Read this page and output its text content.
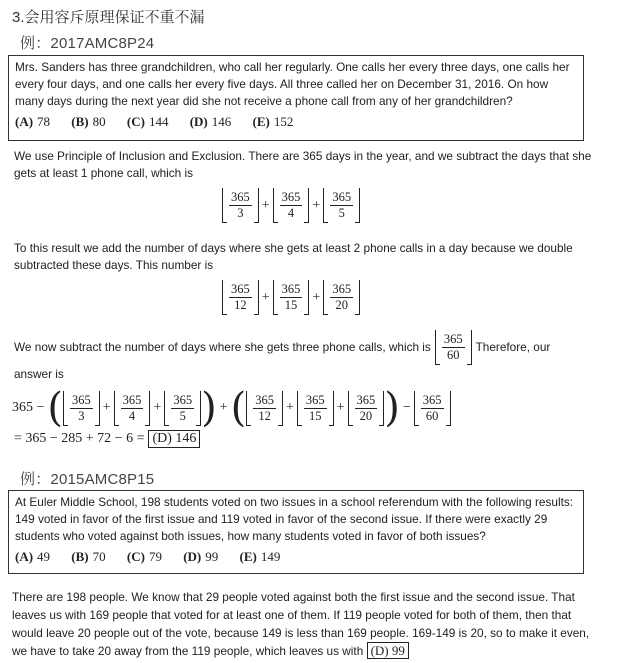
3.会用容斥原理保证不重不漏
例：2017AMC8P24
Mrs. Sanders has three grandchildren, who call her regularly. One calls her every three days, one calls her every four days, and one calls her every five days. All three called her on December 31, 2016. On how many days during the next year did she not receive a phone call from any of her grandchildren?
(A) 78 (B) 80 (C) 144 (D) 146 (E) 152
We use Principle of Inclusion and Exclusion. There are 365 days in the year, and we subtract the days that she gets at least 1 phone call, which is
$\frac{365}{3} + \frac{365}{4} + \frac{365}{5}$
To this result we add the number of days where she gets at least 2 phone calls in a day because we double subtracted these days. This number is
$\frac{365}{12} + \frac{365}{15} + \frac{365}{20}$
We now subtract the number of days where she gets three phone calls, which is $\frac{365}{60}$ Therefore, our
answer is
365 − ( $\frac{365}{3} + \frac{365}{4} + \frac{365}{5}$ ) + ( $\frac{365}{12} + \frac{365}{15} + \frac{365}{20}$ ) − $\frac{365}{60}$
= 365 − 285 + 72 − 6 = (D) 146
例：2015AMC8P15
At Euler Middle School, 198 students voted on two issues in a school referendum with the following results: 149 voted in favor of the first issue and 119 voted in favor of the second issue. If there were exactly 29 students who voted against both issues, how many students voted in favor of both issues?
(A) 49 (B) 70 (C) 79 (D) 99 (E) 149
There are 198 people. We know that 29 people voted against both the first issue and the second issue. That leaves us with 169 people that voted for at least one of them. If 119 people voted for both of them, then that would leave 20 people out of the vote, because 149 is less than 169 people. 169-149 is 20, so to make it even, we have to take 20 away from the 119 people, which leaves us with (D) 99
